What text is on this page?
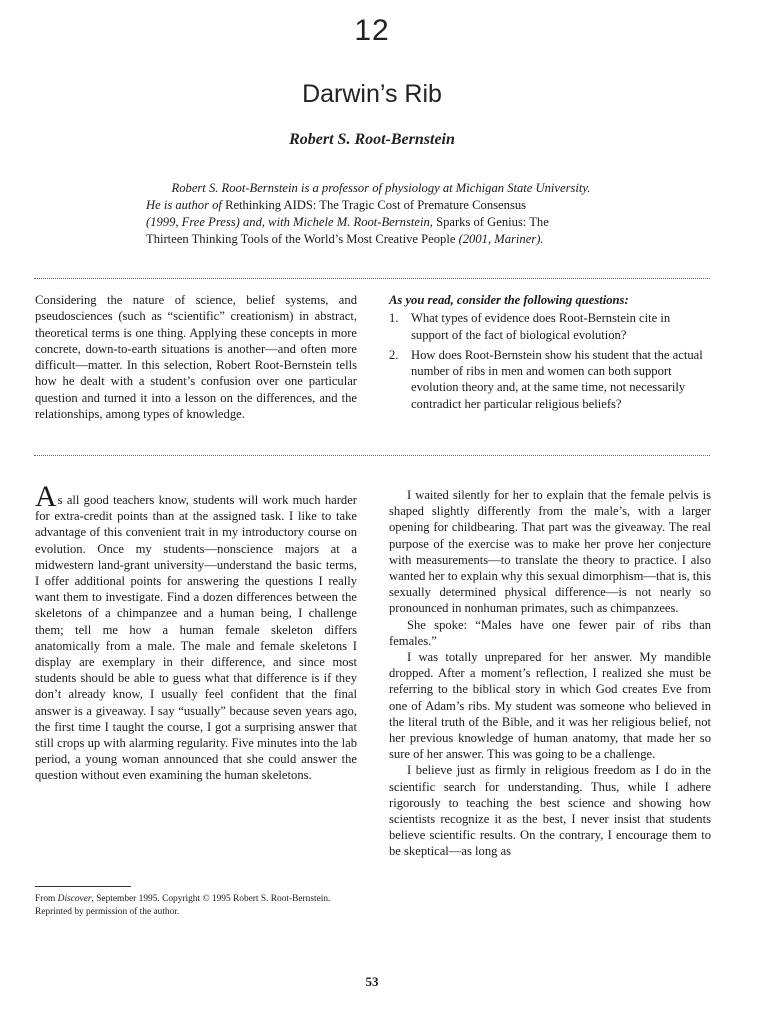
12
Darwin’s Rib
Robert S. Root-Bernstein

Robert S. Root-Bernstein is a professor of physiology at Michigan State University.

He is author of Rethinking AIDS: The Tragic Cost of Premature Consensus

(1999, Free Press) and, with Michele M. Root-Bernstein, Sparks of Genius: The

Thirteen Thinking Tools of the World’s Most Creative People (2001, Mariner).

Considering the nature of science, belief systems, and pseudosciences (such as “scientific” creationism) in abstract, theoretical terms is one thing. Applying these concepts in more concrete, down-to-earth situations is another—and often more difficult—matter. In this selection, Robert Root-Bernstein tells how he dealt with a student’s confusion over one particular question and turned it into a lesson on the differences, and the relationships, among types of knowledge.
As you read, consider the following questions:
1. What types of evidence does Root-Bernstein cite in support of the fact of biological evolution?
2. How does Root-Bernstein show his student that the actual number of ribs in men and women can both support evolution theory and, at the same time, not necessarily contradict her particular religious beliefs?

As all good teachers know, students will work much harder for extra-credit points than at the assigned task. I like to take advantage of this convenient trait in my introductory course on evolution. Once my students—nonscience majors at a midwestern land-grant university—understand the basic terms, I offer additional points for answering the questions I really want them to investigate. Find a dozen differences between the skeletons of a chimpanzee and a human being, I challenge them; tell me how a human female skeleton differs anatomically from a male. The male and female skeletons I display are exemplary in their difference, and since most students should be able to guess what that difference is if they don’t already know, I usually feel confident that the final answer is a giveaway. I say “usually” because seven years ago, the first time I taught the course, I got a surprising answer that still crops up with alarming regularity. Five minutes into the lab period, a young woman announced that she could answer the question without even examining the human skeletons.

I waited silently for her to explain that the female pelvis is shaped slightly differently from the male’s, with a larger opening for childbearing. That part was the giveaway. The real purpose of the exercise was to make her prove her conjecture with measurements—to translate the theory to practice. I also wanted her to explain why this sexual dimorphism—that is, this sexually determined physical difference—is not nearly so pronounced in nonhuman primates, such as chimpanzees.

She spoke: “Males have one fewer pair of ribs than females.”

I was totally unprepared for her answer. My mandible dropped. After a moment’s reflection, I realized she must be referring to the biblical story in which God creates Eve from one of Adam’s ribs. My student was someone who believed in the literal truth of the Bible, and it was her religious belief, not her previous knowledge of human anatomy, that made her so sure of her answer. This was going to be a challenge.

I believe just as firmly in religious freedom as I do in the scientific search for understanding. Thus, while I adhere rigorously to teaching the best science and showing how scientists recognize it as the best, I never insist that students believe scientific results. On the contrary, I encourage them to be skeptical—as long as

From Discover, September 1995. Copyright © 1995 Robert S. Root-Bernstein. Reprinted by permission of the author.
53
